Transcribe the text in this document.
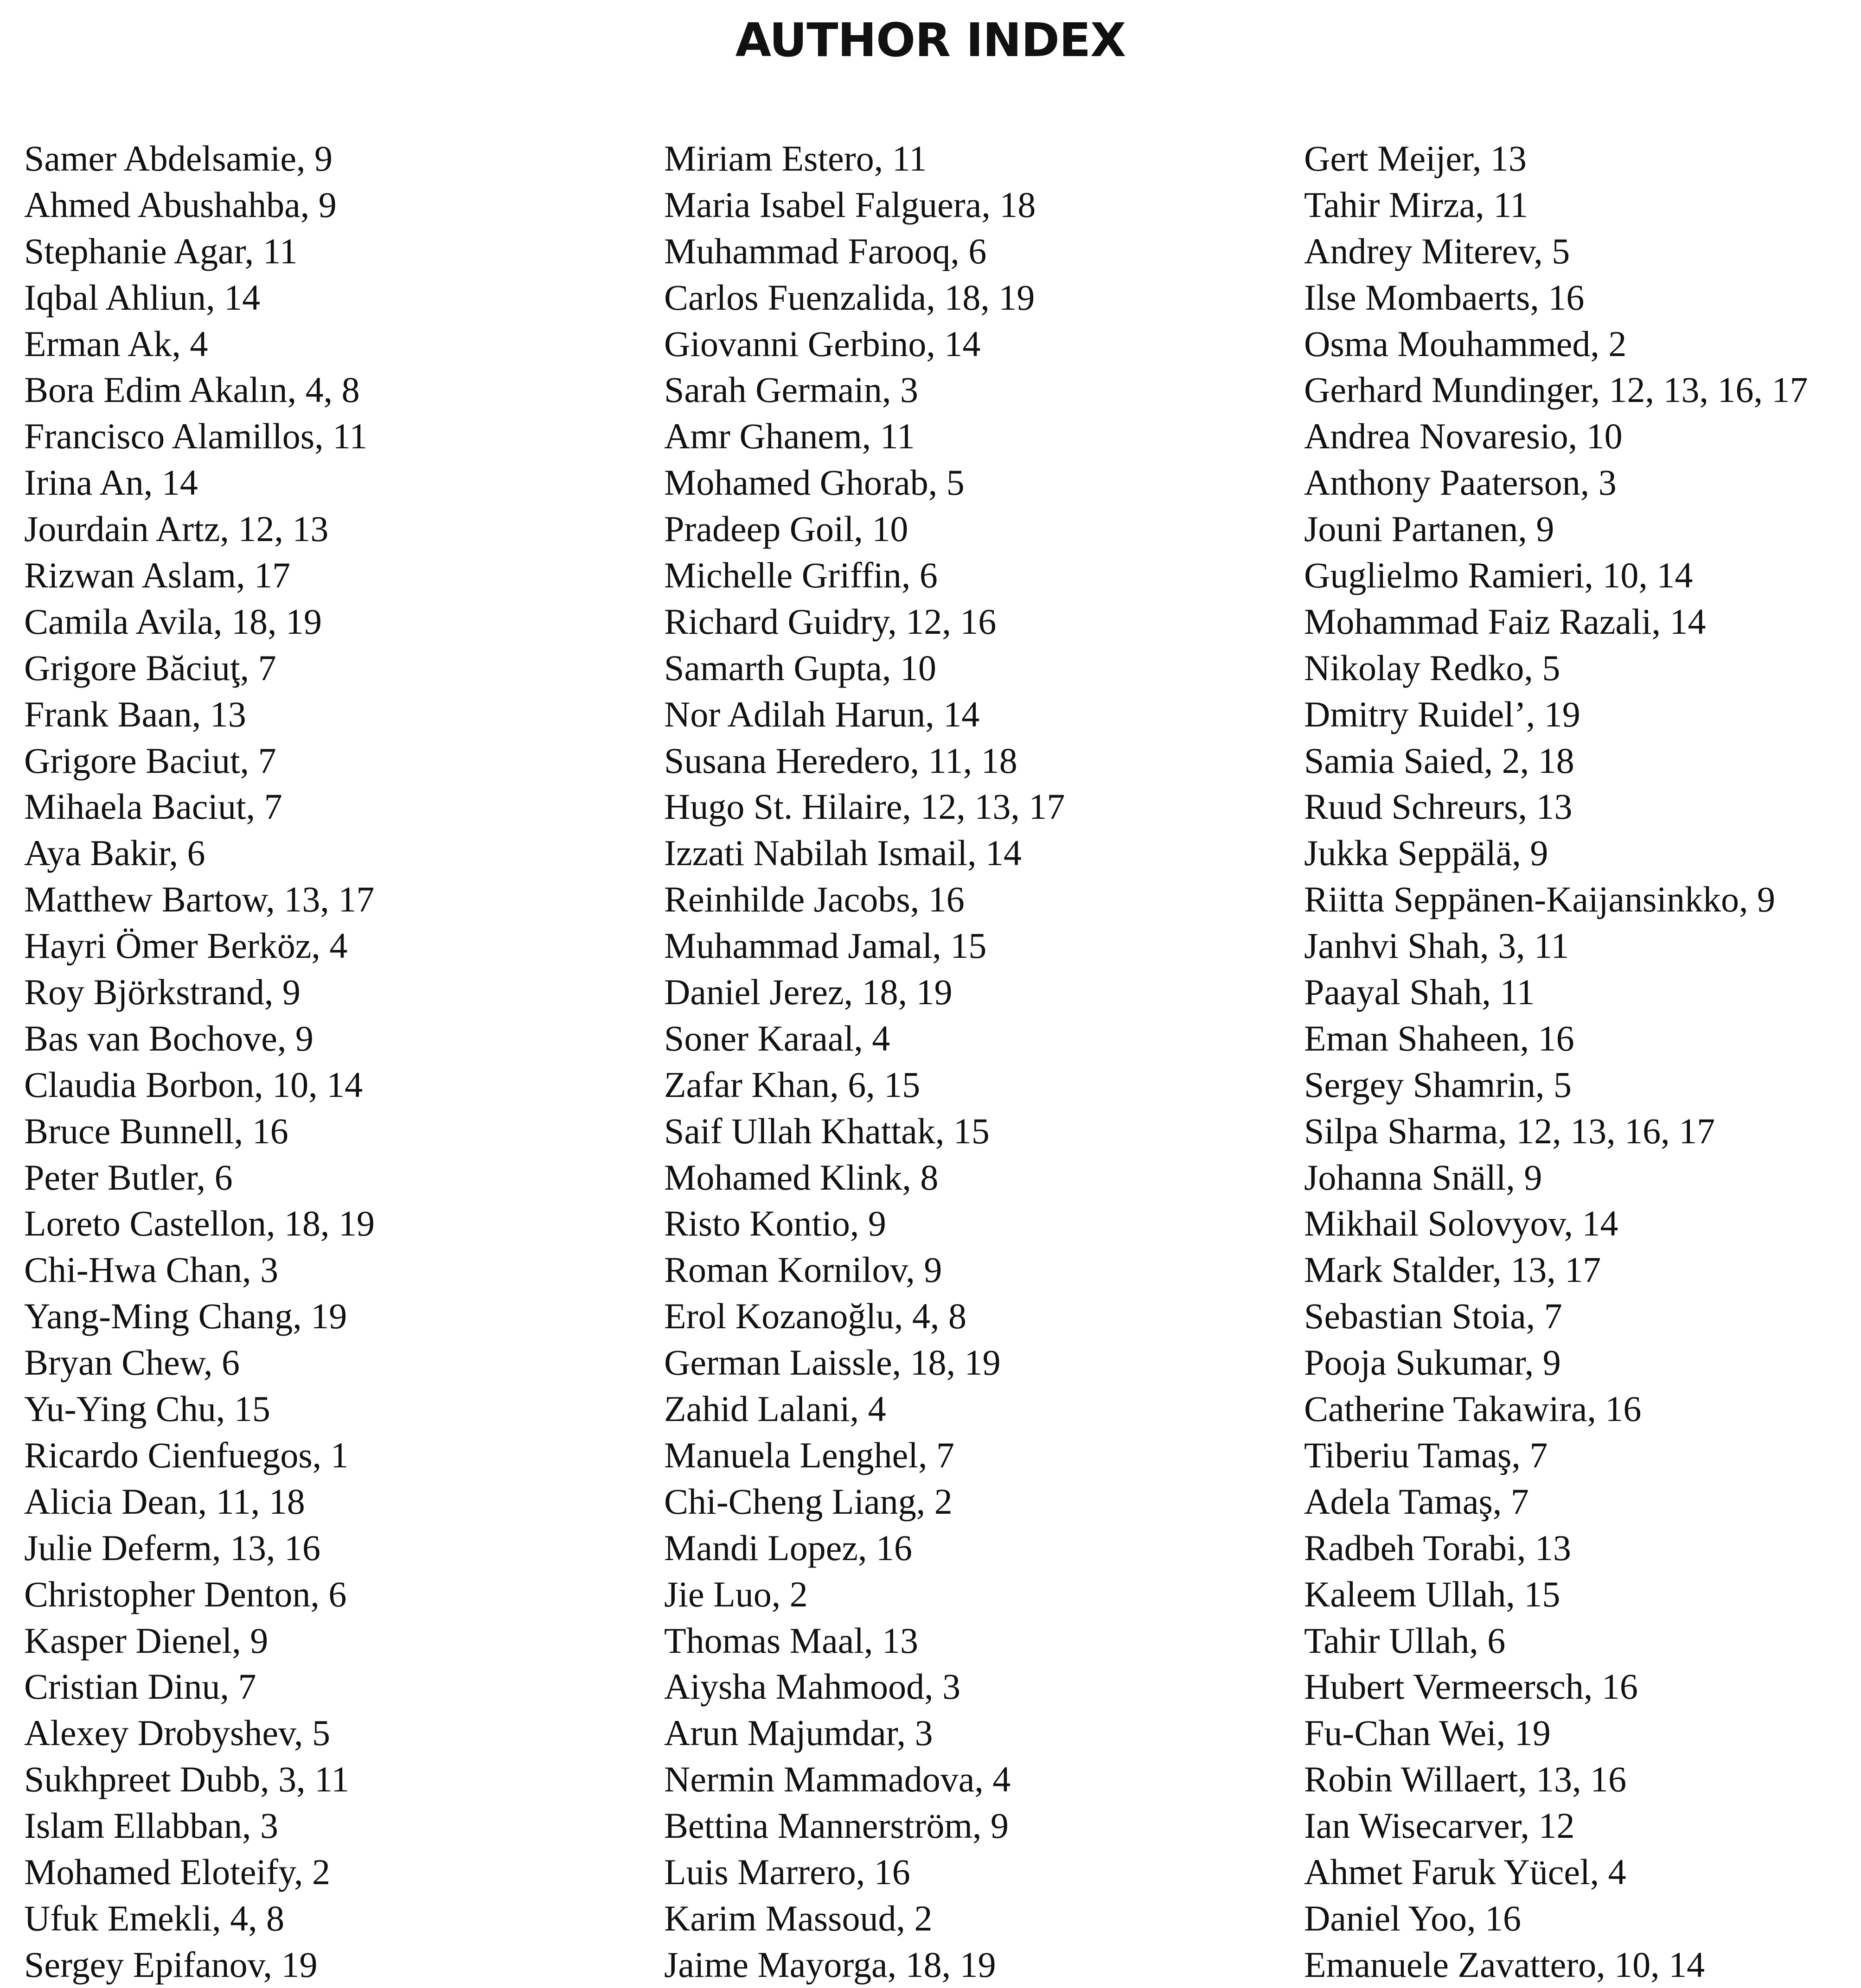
AUTHOR INDEX
Samer Abdelsamie, 9
Ahmed Abushahba, 9
Stephanie Agar, 11
Iqbal Ahliun, 14
Erman Ak, 4
Bora Edim Akalın, 4, 8
Francisco Alamillos, 11
Irina An, 14
Jourdain Artz, 12, 13
Rizwan Aslam, 17
Camila Avila, 18, 19
Grigore Băciuţ, 7
Frank Baan, 13
Grigore Baciut, 7
Mihaela Baciut, 7
Aya Bakir, 6
Matthew Bartow, 13, 17
Hayri Ömer Berköz, 4
Roy Björkstrand, 9
Bas van Bochove, 9
Claudia Borbon, 10, 14
Bruce Bunnell, 16
Peter Butler, 6
Loreto Castellon, 18, 19
Chi-Hwa Chan, 3
Yang-Ming Chang, 19
Bryan Chew, 6
Yu-Ying Chu, 15
Ricardo Cienfuegos, 1
Alicia Dean, 11, 18
Julie Deferm, 13, 16
Christopher Denton, 6
Kasper Dienel, 9
Cristian Dinu, 7
Alexey Drobyshev, 5
Sukhpreet Dubb, 3, 11
Islam Ellabban, 3
Mohamed Eloteify, 2
Ufuk Emekli, 4, 8
Sergey Epifanov, 19
Miriam Estero, 11
Maria Isabel Falguera, 18
Muhammad Farooq, 6
Carlos Fuenzalida, 18, 19
Giovanni Gerbino, 14
Sarah Germain, 3
Amr Ghanem, 11
Mohamed Ghorab, 5
Pradeep Goil, 10
Michelle Griffin, 6
Richard Guidry, 12, 16
Samarth Gupta, 10
Nor Adilah Harun, 14
Susana Heredero, 11, 18
Hugo St. Hilaire, 12, 13, 17
Izzati Nabilah Ismail, 14
Reinhilde Jacobs, 16
Muhammad Jamal, 15
Daniel Jerez, 18, 19
Soner Karaal, 4
Zafar Khan, 6, 15
Saif Ullah Khattak, 15
Mohamed Klink, 8
Risto Kontio, 9
Roman Kornilov, 9
Erol Kozanoğlu, 4, 8
German Laissle, 18, 19
Zahid Lalani, 4
Manuela Lenghel, 7
Chi-Cheng Liang, 2
Mandi Lopez, 16
Jie Luo, 2
Thomas Maal, 13
Aiysha Mahmood, 3
Arun Majumdar, 3
Nermin Mammadova, 4
Bettina Mannerström, 9
Luis Marrero, 16
Karim Massoud, 2
Jaime Mayorga, 18, 19
Gert Meijer, 13
Tahir Mirza, 11
Andrey Miterev, 5
Ilse Mombaerts, 16
Osma Mouhammed, 2
Gerhard Mundinger, 12, 13, 16, 17
Andrea Novaresio, 10
Anthony Paaterson, 3
Jouni Partanen, 9
Guglielmo Ramieri, 10, 14
Mohammad Faiz Razali, 14
Nikolay Redko, 5
Dmitry Ruidel’, 19
Samia Saied, 2, 18
Ruud Schreurs, 13
Jukka Seppälä, 9
Riitta Seppänen-Kaijansinkko, 9
Janhvi Shah, 3, 11
Paayal Shah, 11
Eman Shaheen, 16
Sergey Shamrin, 5
Silpa Sharma, 12, 13, 16, 17
Johanna Snäll, 9
Mikhail Solovyov, 14
Mark Stalder, 13, 17
Sebastian Stoia, 7
Pooja Sukumar, 9
Catherine Takawira, 16
Tiberiu Tamaş, 7
Adela Tamaş, 7
Radbeh Torabi, 13
Kaleem Ullah, 15
Tahir Ullah, 6
Hubert Vermeersch, 16
Fu-Chan Wei, 19
Robin Willaert, 13, 16
Ian Wisecarver, 12
Ahmet Faruk Yücel, 4
Daniel Yoo, 16
Emanuele Zavattero, 10, 14
